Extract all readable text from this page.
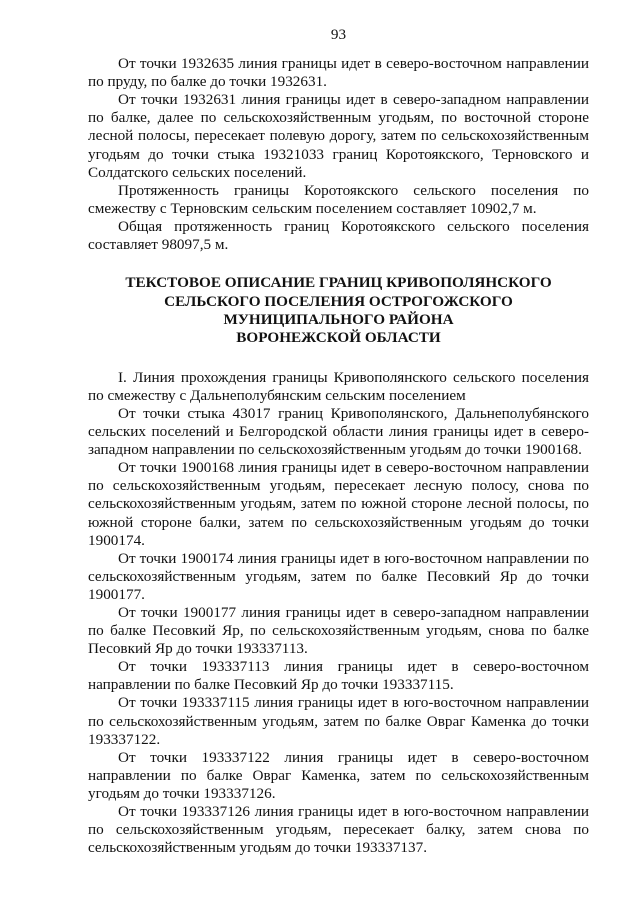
93

От точки 1932635 линия границы идет в северо-восточном направлении по пруду, по балке до точки 1932631.

От точки 1932631 линия границы идет в северо-западном направлении по балке, далее по сельскохозяйственным угодьям, по восточной стороне лесной полосы, пересекает полевую дорогу, затем по сельскохозяйственным угодьям до точки стыка 19321033 границ Коротоякского, Терновского и Солдатского сельских поселений.

Протяженность границы Коротоякского сельского поселения по смежеству с Терновским сельским поселением составляет 10902,7 м.

Общая протяженность границ Коротоякского сельского поселения составляет 98097,5 м.

ТЕКСТОВОЕ ОПИСАНИЕ ГРАНИЦ КРИВОПОЛЯНСКОГО
СЕЛЬСКОГО ПОСЕЛЕНИЯ ОСТРОГОЖСКОГО
МУНИЦИПАЛЬНОГО РАЙОНА
ВОРОНЕЖСКОЙ ОБЛАСТИ

I. Линия прохождения границы Кривополянского сельского поселения по смежеству с Дальнеполубянским сельским поселением

От точки стыка 43017 границ Кривополянского, Дальнеполубянского сельских поселений и Белгородской области линия границы идет в северо-западном направлении по сельскохозяйственным угодьям до точки 1900168.

От точки 1900168 линия границы идет в северо-восточном направлении по сельскохозяйственным угодьям, пересекает лесную полосу, снова по сельскохозяйственным угодьям, затем по южной стороне лесной полосы, по южной стороне балки, затем по сельскохозяйственным угодьям до точки 1900174.

От точки 1900174 линия границы идет в юго-восточном направлении по сельскохозяйственным угодьям, затем по балке Песовкий Яр до точки 1900177.

От точки 1900177 линия границы идет в северо-западном направлении по балке Песовкий Яр, по сельскохозяйственным угодьям, снова по балке Песовкий Яр до точки 193337113.

От точки 193337113 линия границы идет в северо-восточном направлении по балке Песовкий Яр до точки 193337115.

От точки 193337115 линия границы идет в юго-восточном направлении по сельскохозяйственным угодьям, затем по балке Овраг Каменка до точки 193337122.

От точки 193337122 линия границы идет в северо-восточном направлении по балке Овраг Каменка, затем по сельскохозяйственным угодьям до точки 193337126.

От точки 193337126 линия границы идет в юго-восточном направлении по сельскохозяйственным угодьям, пересекает балку, затем снова по сельскохозяйственным угодьям до точки 193337137.
